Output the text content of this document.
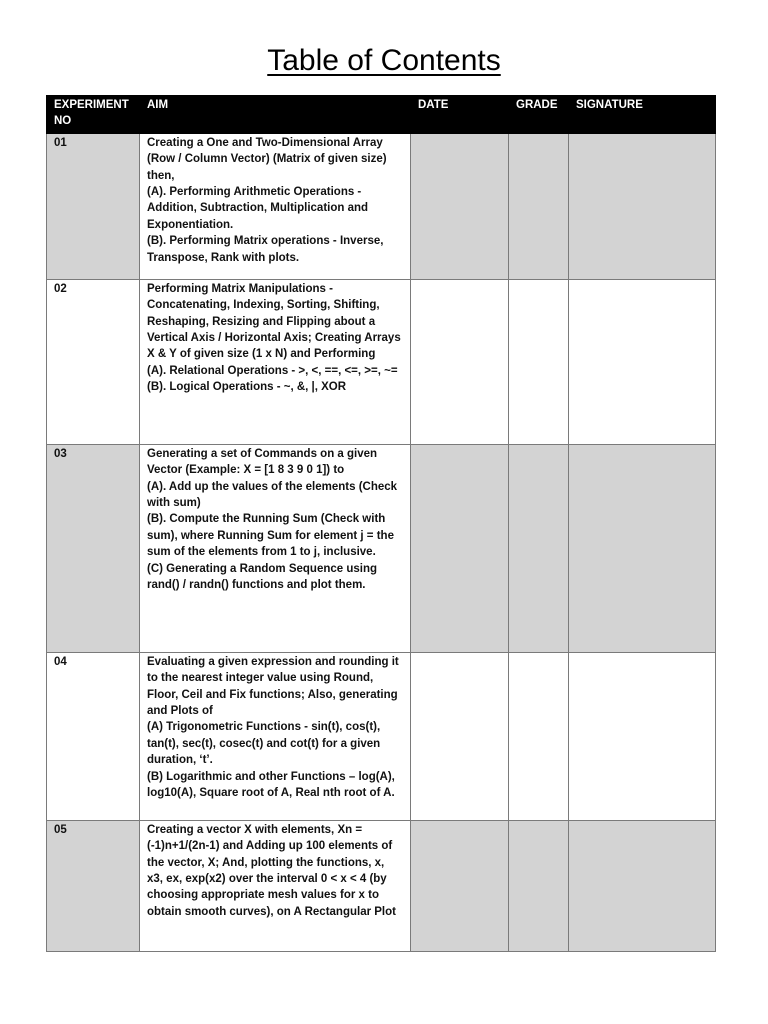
Table of Contents
EXPERIMENT NO	AIM	DATE	GRADE	SIGNATURE
01	Creating a One and Two-Dimensional Array (Row / Column Vector) (Matrix of given size) then,
(A). Performing Arithmetic Operations - Addition, Subtraction, Multiplication and Exponentiation.
(B). Performing Matrix operations - Inverse, Transpose, Rank with plots.			

02	Performing Matrix Manipulations - Concatenating, Indexing, Sorting, Shifting, Reshaping, Resizing and Flipping about a Vertical Axis / Horizontal Axis; Creating Arrays X & Y of given size (1 x N) and Performing
(A). Relational Operations - >, <, ==, <=, >=, ~=
(B). Logical Operations - ~, &, |, XOR			

03	Generating a set of Commands on a given Vector (Example: X = [1 8 3 9 0 1]) to
(A). Add up the values of the elements (Check with sum)
(B). Compute the Running Sum (Check with sum), where Running Sum for element j = the sum of the elements from 1 to j, inclusive.
(C) Generating a Random Sequence using rand() / randn() functions and plot them.			

04	Evaluating a given expression and rounding it to the nearest integer value using Round, Floor, Ceil and Fix functions; Also, generating and Plots of
(A) Trigonometric Functions - sin(t), cos(t), tan(t), sec(t), cosec(t) and cot(t) for a given duration, ‘t’.
(B) Logarithmic and other Functions – log(A), log10(A), Square root of A, Real nth root of A.			

05	Creating a vector X with elements, Xn = (-1)n+1/(2n-1) and Adding up 100 elements of the vector, X; And, plotting the functions, x, x3, ex, exp(x2) over the interval 0 < x < 4 (by choosing appropriate mesh values for x to obtain smooth curves), on A Rectangular Plot			
